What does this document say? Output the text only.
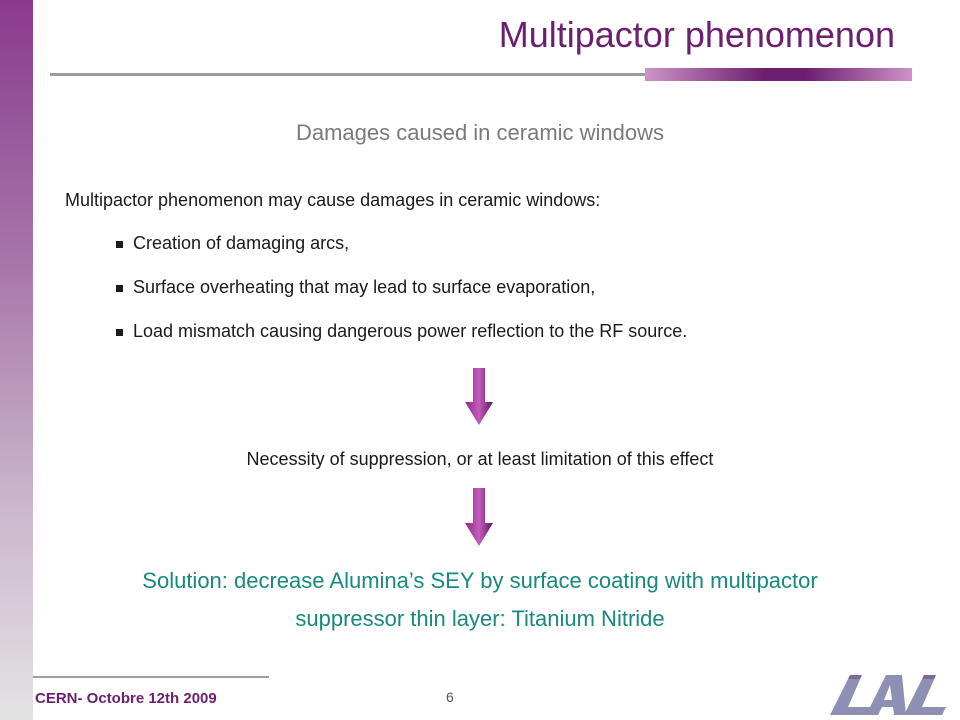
Multipactor phenomenon
Damages caused in ceramic windows
Multipactor phenomenon may cause damages in ceramic windows:
Creation of damaging arcs,
Surface overheating that may lead to surface evaporation,
Load mismatch causing dangerous power reflection to the RF source.
Necessity of suppression, or at least limitation of this effect
Solution: decrease Alumina’s SEY by surface coating with multipactor
suppressor thin layer: Titanium Nitride
CERN- Octobre 12th 2009	6
